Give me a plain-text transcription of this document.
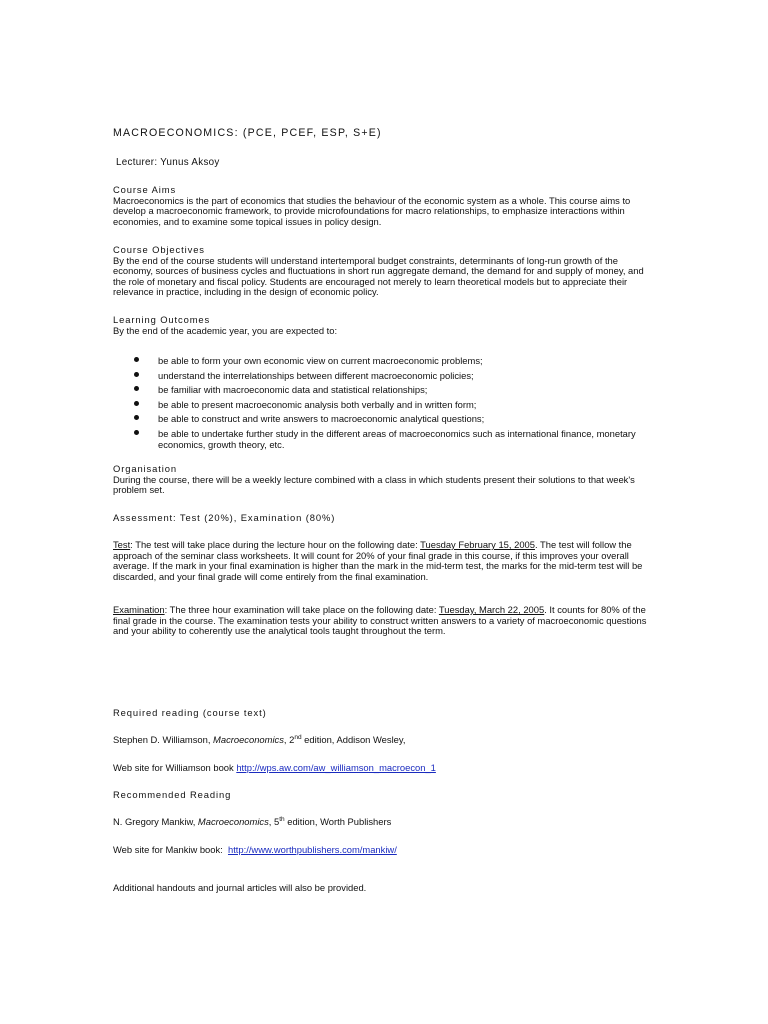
MACROECONOMICS: (PCE, PCEF, ESP, S+E)
Lecturer: Yunus Aksoy
Course Aims
Macroeconomics is the part of economics that studies the behaviour of the economic system as a whole. This course aims to develop a macroeconomic framework, to provide microfoundations for macro relationships, to emphasize interactions within economies, and to examine some topical issues in policy design.
Course Objectives
By the end of the course students will understand intertemporal budget constraints, determinants of long-run growth of the economy, sources of business cycles and fluctuations in short run aggregate demand, the demand for and supply of money, and the role of monetary and fiscal policy. Students are encouraged not merely to learn theoretical models but to appreciate their relevance in practice, including in the design of economic policy.
Learning Outcomes
By the end of the academic year, you are expected to:
be able to form your own economic view on current macroeconomic problems;
understand the interrelationships between different macroeconomic policies;
be familiar with macroeconomic data and statistical relationships;
be able to present macroeconomic analysis both verbally and in written form;
be able to construct and write answers to macroeconomic analytical questions;
be able to undertake further study in the different areas of macroeconomics such as international finance, monetary economics, growth theory, etc.
Organisation
During the course, there will be a weekly lecture combined with a class in which students present their solutions to that week's problem set.
Assessment: Test (20%), Examination (80%)
Test: The test will take place during the lecture hour on the following date: Tuesday February 15, 2005. The test will follow the approach of the seminar class worksheets. It will count for 20% of your final grade in this course, if this improves your overall average. If the mark in your final examination is higher than the mark in the mid-term test, the marks for the mid-term test will be discarded, and your final grade will come entirely from the final examination.
Examination: The three hour examination will take place on the following date: Tuesday, March 22, 2005. It counts for 80% of the final grade in the course. The examination tests your ability to construct written answers to a variety of macroeconomic questions and your ability to coherently use the analytical tools taught throughout the term.
Required reading (course text)
Stephen D. Williamson, Macroeconomics, 2nd edition, Addison Wesley,
Web site for Williamson book http://wps.aw.com/aw_williamson_macroecon_1
Recommended Reading
N. Gregory Mankiw, Macroeconomics, 5th edition, Worth Publishers
Web site for Mankiw book:  http://www.worthpublishers.com/mankiw/
Additional handouts and journal articles will also be provided.
